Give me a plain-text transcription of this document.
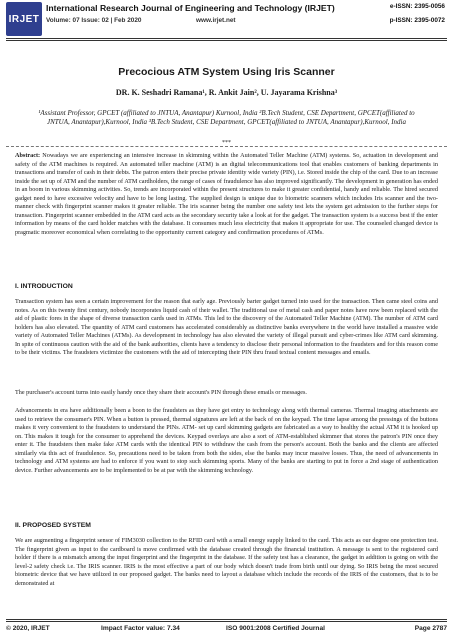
IRJET
International Research Journal of Engineering and Technology (IRJET)	e-ISSN: 2395-0056
Volume: 07 Issue: 02 | Feb 2020	www.irjet.net	p-ISSN: 2395-0072
Precocious ATM System Using Iris Scanner
DR. K. Seshadri Ramana¹, R. Ankit Jain², U. Jayarama Krishna³
¹Assistant Professor, GPCET (affiliated to JNTUA, Anantapur) Kurnool, India ²B.Tech Student, CSE Department, GPCET(affiliated to JNTUA, Anantapur),Kurnool, India ³B.Tech Student, CSE Department, GPCET(affiliated to JNTUA, Anantapur),Kurnool, India
***
Abstract: Nowadays we are experiencing an intensive increase in skimming within the Automated Teller Machine (ATM) systems. So, actuation in development and safety of the ATM machines is required. An automated teller machine (ATM) is an digital telecommunications tool that enables customers of banking departments in transactions and transfer of cash in their debts. The patron enters their precise private identity wide variety (PIN), i.e. Stored inside the chip of the card. Due to an increase inside the set up of ATM and the number of ATM cardholders, the range of cases of fraudulence has also improved significantly. The development in generation has ended in an boom in various skimming activities. So, trends are incorporated within the present structures to make it greater confidential, handy and reliable. The hired secured gadget need to have excessive velocity and have to be long lasting. The supplied design is unique due to biometric scanners which includes Iris scanner and the two-manner check with fingerprint scanner makes it greater reliable. The iris scanner being the number one safety test lets the system get admission to the further steps for transaction. Fingerprint scanner embedded in the ATM card acts as the secondary security take a look at for the gadget. The transaction system is a success best if the enter information by means of the card holder matches with the database. It consumes much less electricity that makes it appropriate for use. The counseled changed device is pragmatic moreover economical when correlating to the opportunity current category and confirmation procedures of ATMs.
I. INTRODUCTION
Transaction system has seen a certain improvement for the reason that early age. Previously barter gadget turned into used for the transaction. Then came steel coins and notes. As on this twenty first century, nobody incorporates liquid cash of their wallet. The traditional use of metal cash and paper notes have now been replaced with the aid of plastic fores in the shape of diverse transaction cards used in ATMs. This led to the discovery of the Automated Teller Machine (ATM). The number of ATM card holders has also elevated. The quantity of ATM card customers has accelerated considerably as distinctive banks everywhere in the world have installed a massive wide variety of Automated Teller Machines (ATMs). As development in technology has also elevated the variety of illegal pursuit and cyber-crimes like ATM card skimming. In spite of continuous caution with the aid of the bank authorities, clients have a tendency to disclose their personal information to the fraudsters and for this reason come to be their victims. The fraudsters victimize the customers with the aid of intercepting their PIN thru fraud textual content messages and emails.
The purchaser's account turns into easily handy once they share their account's PIN through these emails or messages.
Advancements in era have additionally been a boon to the fraudsters as they have get entry to technology along with thermal cameras. Thermal imaging attachments are used to retrieve the consumer's PIN. When a button is pressed, thermal signatures are left at the back of on the keypad. The time lapse among the pressings of the buttons makes it very convenient to the fraudsters to understand the PINs. ATM- set up card skimming gadgets are fabricated as a way to healthy the actual ATM it is hooked up on. This makes it tough for the consumer to apprehend the devices. Keypad overlays are also a sort of ATM-established skimmer that stores the patron's PIN once they enter it. The fraudsters then make fake ATM cards with the identical PIN to withdraw the cash from the person's account. Both the banks and the clients are affected similarly via this act of fraudulence. So, precautions need to be taken from both the sides, else the banks may incur massive losses. Thus, the need of advancements in technology and ATM systems are had to enforce if you want to stop such skimming sports. Many of the banks are starting to put in force a 2nd stage of authentication device. Further advancements are to be implemented to be at par with the skimming technology.
II. PROPOSED SYSTEM
We are augmenting a fingerprint sensor of FIM3030 collection to the RFID card with a small energy supply linked to the card. This acts as our degree one protection test. The fingerprint given as input to the cardboard is move confirmed with the database created through the financial institution. A message is sent to the registered card holder if there is a mismatch among the input fingerprint and the fingerprint in the database. If the safety test has a clearance, the gadget in addition is going on with the level-2 safety check i.e. The IRIS scanner. IRIS is the most effective a part of our body which doesn't trade from birth until our dying. So IRIS being the most secured biometric device that we have utilized in our proposed gadget. The banks need to layout a database which include the records of the IRIS of the customers, that is to be demonstrated at
© 2020, IRJET	Impact Factor value: 7.34	ISO 9001:2008 Certified Journal	Page 2787
